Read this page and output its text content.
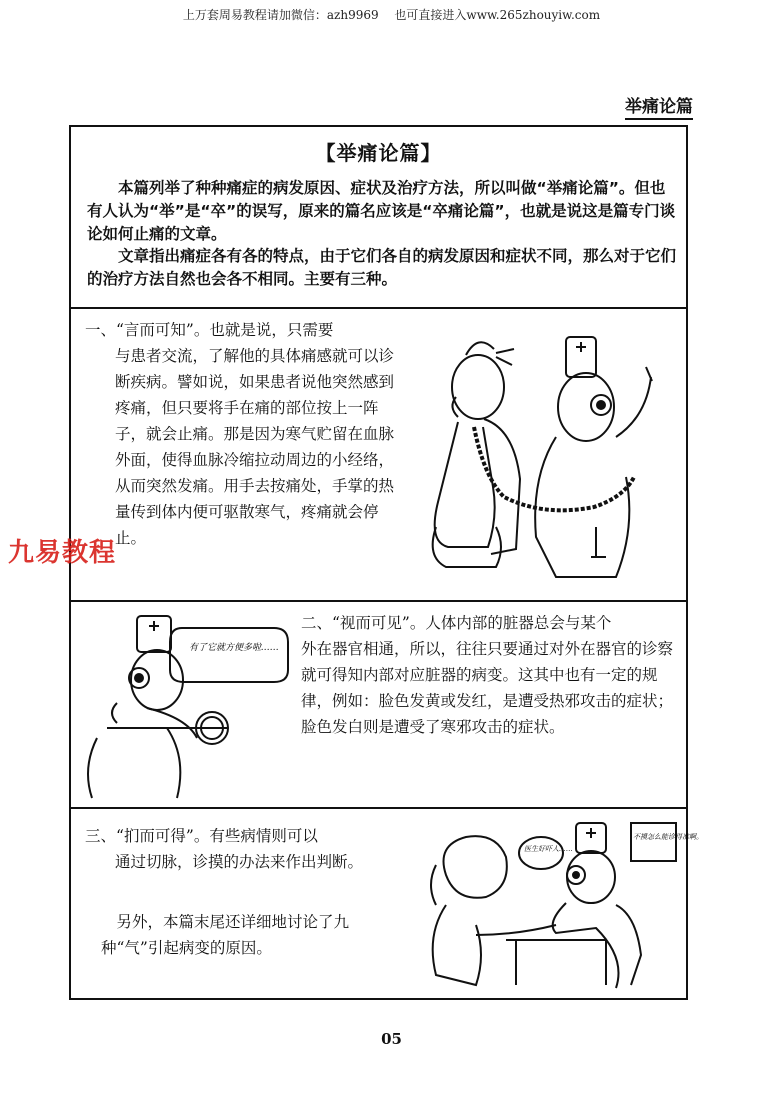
上万套周易教程请加微信：azh9969　 也可直接进入www.265zhouyiw.com
举痛论篇
【举痛论篇】

本篇列举了种种痛症的病发原因、症状及治疗方法，所以叫做“举痛论篇”。但也有人认为“举”是“卒”的误写，原来的篇名应该是“卒痛论篇”，也就是说这是篇专门谈论如何止痛的文章。

文章指出痛症各有各的特点，由于它们各自的病发原因和症状不同，那么对于它们的治疗方法自然也会各不相同。主要有三种。

一、“言而可知”。也就是说，只需要
与患者交流，了解他的具体痛感就可以诊断疾病。譬如说，如果患者说他突然感到疼痛，但只要将手在痛的部位按上一阵子，就会止痛。那是因为寒气贮留在血脉外面，使得血脉冷缩拉动周边的小经络，从而突然发痛。用手去按痛处，手掌的热量传到体内便可驱散寒气，疼痛就会停止。
有了它就方便多啦……
二、“视而可见”。人体内部的脏器总会与某个
外在器官相通，所以，往往只要通过对外在器官的诊察就可得知内部对应脏器的病变。这其中也有一定的规律，例如：脸色发黄或发红，是遭受热邪攻击的症状；脸色发白则是遭受了寒邪攻击的症状。
三、“扪而可得”。有些病情则可以
通过切脉，诊摸的办法来作出判断。

另外，本篇末尾还详细地讨论了九种“气”引起病变的原因。

医生好吓人……
不摸怎么能诊得准啊。
九易教程
05
